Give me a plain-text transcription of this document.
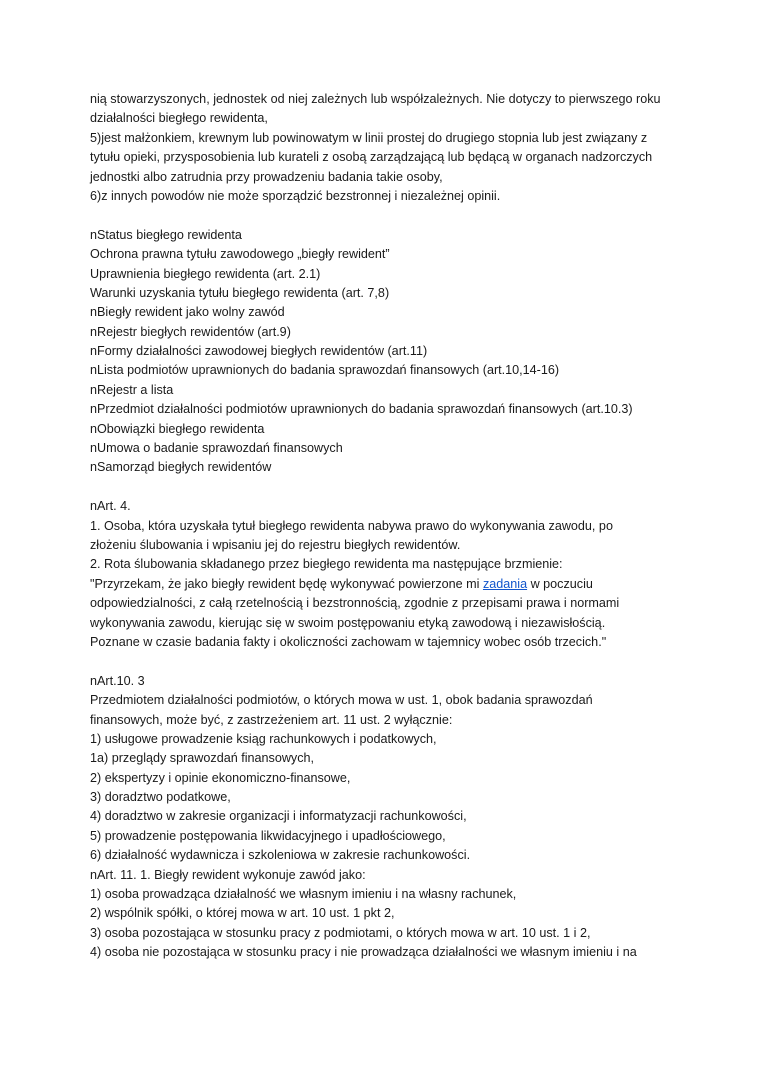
nią stowarzyszonych, jednostek od niej zależnych lub współzależnych. Nie dotyczy to pierwszego roku
działalności biegłego rewidenta,
5)jest małżonkiem, krewnym lub powinowatym w linii prostej do drugiego stopnia lub jest związany z
tytułu opieki, przysposobienia lub kurateli z osobą zarządzającą lub będącą w organach nadzorczych
jednostki albo zatrudnia przy prowadzeniu badania takie osoby,
6)z innych powodów nie może sporządzić bezstronnej i niezależnej opinii.
nStatus biegłego rewidenta
Ochrona prawna tytułu zawodowego „biegły rewident”
Uprawnienia biegłego rewidenta (art. 2.1)
Warunki uzyskania tytułu biegłego rewidenta (art. 7,8)
nBiegły rewident jako wolny zawód
nRejestr biegłych rewidentów (art.9)
nFormy działalności zawodowej biegłych rewidentów (art.11)
nLista podmiotów uprawnionych do badania sprawozdań finansowych (art.10,14-16)
nRejestr a lista
nPrzedmiot działalności podmiotów uprawnionych do badania sprawozdań finansowych (art.10.3)
nObowiązki biegłego rewidenta
nUmowa o badanie sprawozdań finansowych
nSamorząd biegłych rewidentów
nArt. 4.
1. Osoba, która uzyskała tytuł biegłego rewidenta nabywa prawo do wykonywania zawodu, po
złożeniu ślubowania i wpisaniu jej do rejestru biegłych rewidentów.
2. Rota ślubowania składanego przez biegłego rewidenta ma następujące brzmienie:
"Przyrzekam, że jako biegły rewident będę wykonywać powierzone mi zadania w poczuciu
odpowiedzialności, z całą rzetelnością i bezstronnością, zgodnie z przepisami prawa i normami
wykonywania zawodu, kierując się w swoim postępowaniu etyką zawodową i niezawisłością.
Poznane w czasie badania fakty i okoliczności zachowam w tajemnicy wobec osób trzecich."
nArt.10. 3
Przedmiotem działalności podmiotów, o których mowa w ust. 1, obok badania sprawozdań
finansowych, może być, z zastrzeżeniem art. 11 ust. 2 wyłącznie:
1) usługowe prowadzenie ksiąg rachunkowych i podatkowych,
1a) przeglądy sprawozdań finansowych,
2) ekspertyzy i opinie ekonomiczno-finansowe,
3) doradztwo podatkowe,
4) doradztwo w zakresie organizacji i informatyzacji rachunkowości,
5) prowadzenie postępowania likwidacyjnego i upadłościowego,
6) działalność wydawnicza i szkoleniowa w zakresie rachunkowości.
nArt. 11. 1. Biegły rewident wykonuje zawód jako:
1) osoba prowadząca działalność we własnym imieniu i na własny rachunek,
2) wspólnik spółki, o której mowa w art. 10 ust. 1 pkt 2,
3) osoba pozostająca w stosunku pracy z podmiotami, o których mowa w art. 10 ust. 1 i 2,
4) osoba nie pozostająca w stosunku pracy i nie prowadząca działalności we własnym imieniu i na
